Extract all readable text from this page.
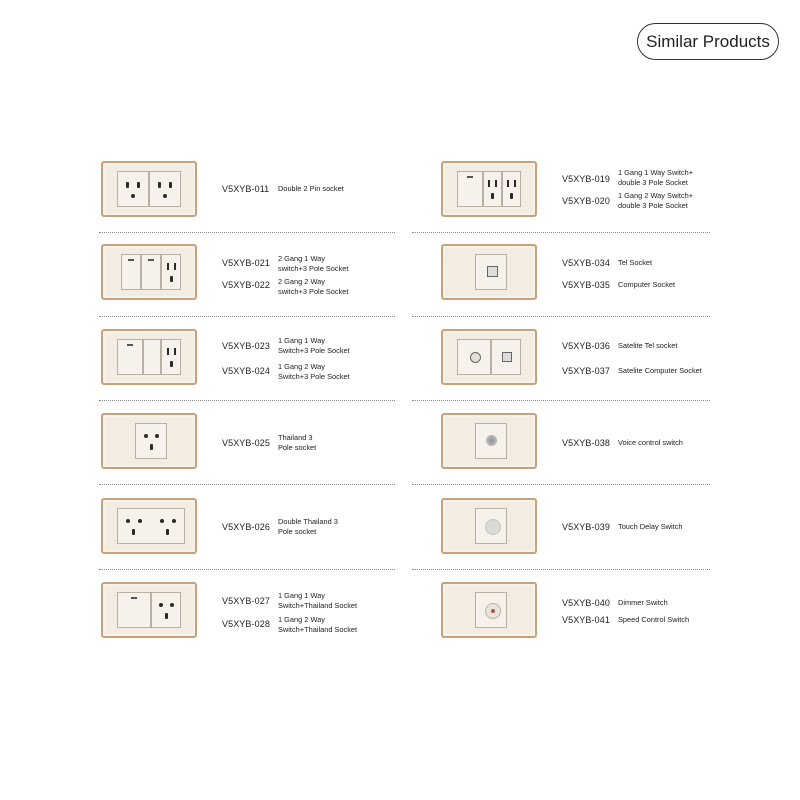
Similar Products
V5XYB-011 Double 2 Pin socket
V5XYB-021 2 Gang 1 Way
switch+3 Pole Socket
V5XYB-022 2 Gang 2 Way
switch+3 Pole Socket
V5XYB-023
1 Gang 1 Way
Switch+3 Pole Socket
V5XYB-024 1 Gang 2 Way
Switch+3 Pole Socket
V5XYB-025
Thailand 3
Pole socket
V5XYB-026
Double Thailand 3
Pole socket
V5XYB-027
1 Gang 1 Way
Switch+Thailand Socket
V5XYB-028 1 Gang 2 Way
Switch+Thailand Socket
V5XYB-019
1 Gang 1 Way Switch+
double 3 Pole Socket
V5XYB-020
1 Gang 2 Way Switch+
double 3 Pole Socket
V5XYB-034 Tel Socket
V5XYB-035 Computer Socket
V5XYB-036 Satelite Tel socket
V5XYB-037 Satelite Computer Socket
V5XYB-038 Voice control switch
V5XYB-039 Touch Delay Switch
V5XYB-040 Dimmer Switch
V5XYB-041 Speed Control Switch
